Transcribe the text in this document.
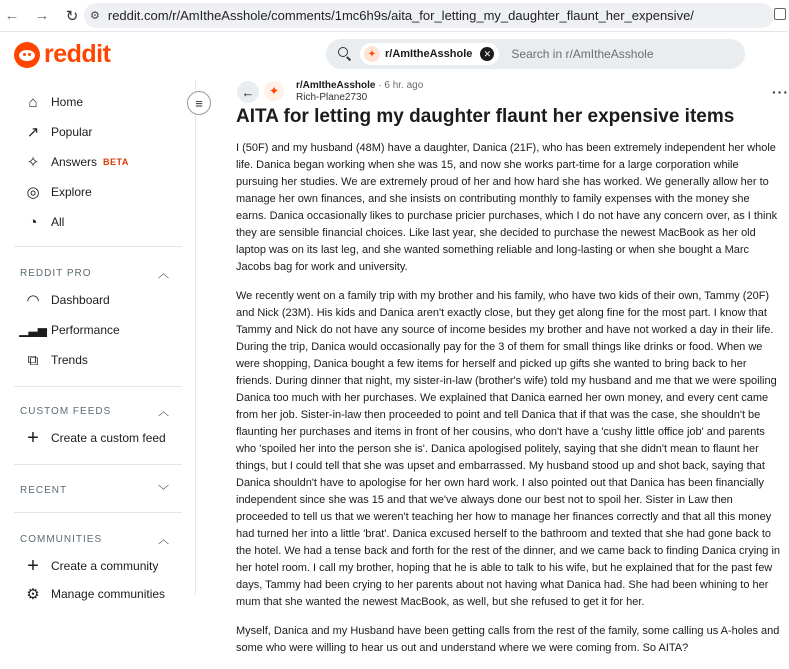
← → ↻	⚙ reddit.com/r/AmItheAsshole/comments/1mc6h9s/aita_for_letting_my_daughter_flaunt_her_expensive/
reddit	✦ r/AmItheAsshole	✕ Search in r/AmItheAsshole
≡
⌂	Home
↗ Popular
✧ Answers BETA
◎ Explore
◔	All
REDDIT PRO	︿
◠ Dashboard
▁▃▅ Performance
⧉	Trends
CUSTOM FEEDS	︿
+ Create a custom feed
RECENT	﹀
COMMUNITIES	︿
+ Create a community
⚙ Manage communities
←	✦	r/AmItheAsshole · 6 hr. ago
Rich-Plane2730	···
AITA for letting my daughter flaunt her expensive items

I (50F) and my husband (48M) have a daughter, Danica (21F), who has been extremely independent her whole life. Danica began working when she was 15, and now she works part-time for a large corporation while pursuing her studies. We are extremely proud of her and how hard she has worked. We generally allow her to manage her own finances, and she insists on contributing monthly to family expenses with the money she earns. Danica occasionally likes to purchase pricier purchases, which I do not have any concern over, as I think they are sensible financial choices. Like last year, she decided to purchase the newest MacBook as her old laptop was on its last leg, and she wanted something reliable and long-lasting or when she bought a Marc Jacobs bag for work and university.

We recently went on a family trip with my brother and his family, who have two kids of their own, Tammy (20F) and Nick (23M). His kids and Danica aren't exactly close, but they get along fine for the most part. I know that Tammy and Nick do not have any source of income besides my brother and have not worked a day in their life. During the trip, Danica would occasionally pay for the 3 of them for small things like drinks or food. When we were shopping, Danica bought a few items for herself and picked up gifts she wanted to bring back to her friends. During dinner that night, my sister-in-law (brother's wife) told my husband and me that we were spoiling Danica too much with her purchases. We explained that Danica earned her own money, and every cent came from her job. Sister-in-law then proceeded to point and tell Danica that if that was the case, she shouldn't be flaunting her purchases and items in front of her cousins, who don't have a 'cushy little office job' and parents who 'spoiled her into the person she is'. Danica apologised politely, saying that she didn't mean to flaunt her things, but I could tell that she was upset and embarrassed. My husband stood up and shot back, saying that Danica shouldn't have to apologise for her own hard work. I also pointed out that Danica has been financially independent since she was 15 and that we've always done our best not to spoil her. Sister in Law then proceeded to tell us that we weren't teaching her how to manage her finances correctly and that all this money had turned her into a little 'brat'. Danica excused herself to the bathroom and texted that she had gone back to the hotel. We had a tense back and forth for the rest of the dinner, and we came back to finding Danica crying in her hotel room. I call my brother, hoping that he is able to talk to his wife, but he explained that for the past few days, Tammy had been crying to her parents about not having what Danica had. She had been whining to her mum that she wanted the newest MacBook, as well, but she refused to get it for her.

Myself, Danica and my Husband have been getting calls from the rest of the family, some calling us A-holes and some who were willing to hear us out and understand where we were coming from. So AITA?
